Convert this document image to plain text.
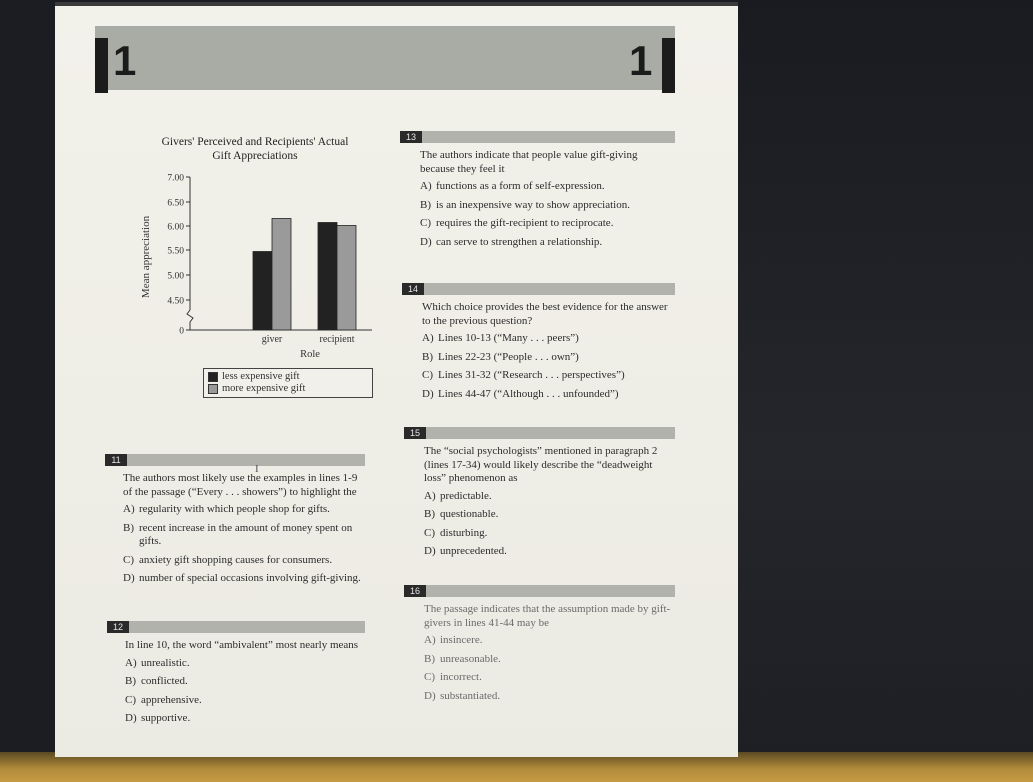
1	1
Givers' Perceived and Recipients' Actual Gift Appreciations
Mean appreciation
7.00
6.50
6.00
5.50
5.00
4.50
0
giver	recipient
Role
less expensive gift
more expensive gift
11
The authors most likely use the examples in lines 1-9 of the passage (“Every . . . showers”) to highlight the
A) regularity with which people shop for gifts.
B) recent increase in the amount of money spent on gifts.
C) anxiety gift shopping causes for consumers.
D) number of special occasions involving gift-giving.
I
12
In line 10, the word “ambivalent” most nearly means
A) unrealistic.
B) conflicted.
C) apprehensive.
D) supportive.
13
The authors indicate that people value gift-giving because they feel it
A) functions as a form of self-expression.
B) is an inexpensive way to show appreciation.
C) requires the gift-recipient to reciprocate.
D) can serve to strengthen a relationship.
14
Which choice provides the best evidence for the answer to the previous question?
A) Lines 10-13 (“Many . . . peers”)
B) Lines 22-23 (“People . . . own”)
C) Lines 31-32 (“Research . . . perspectives”)
D) Lines 44-47 (“Although . . . unfounded”)
15
The “social psychologists” mentioned in paragraph 2 (lines 17-34) would likely describe the “deadweight loss” phenomenon as
A) predictable.
B) questionable.
C) disturbing.
D) unprecedented.
16
The passage indicates that the assumption made by gift-givers in lines 41-44 may be
A) insincere.
B) unreasonable.
C) incorrect.
D) substantiated.
